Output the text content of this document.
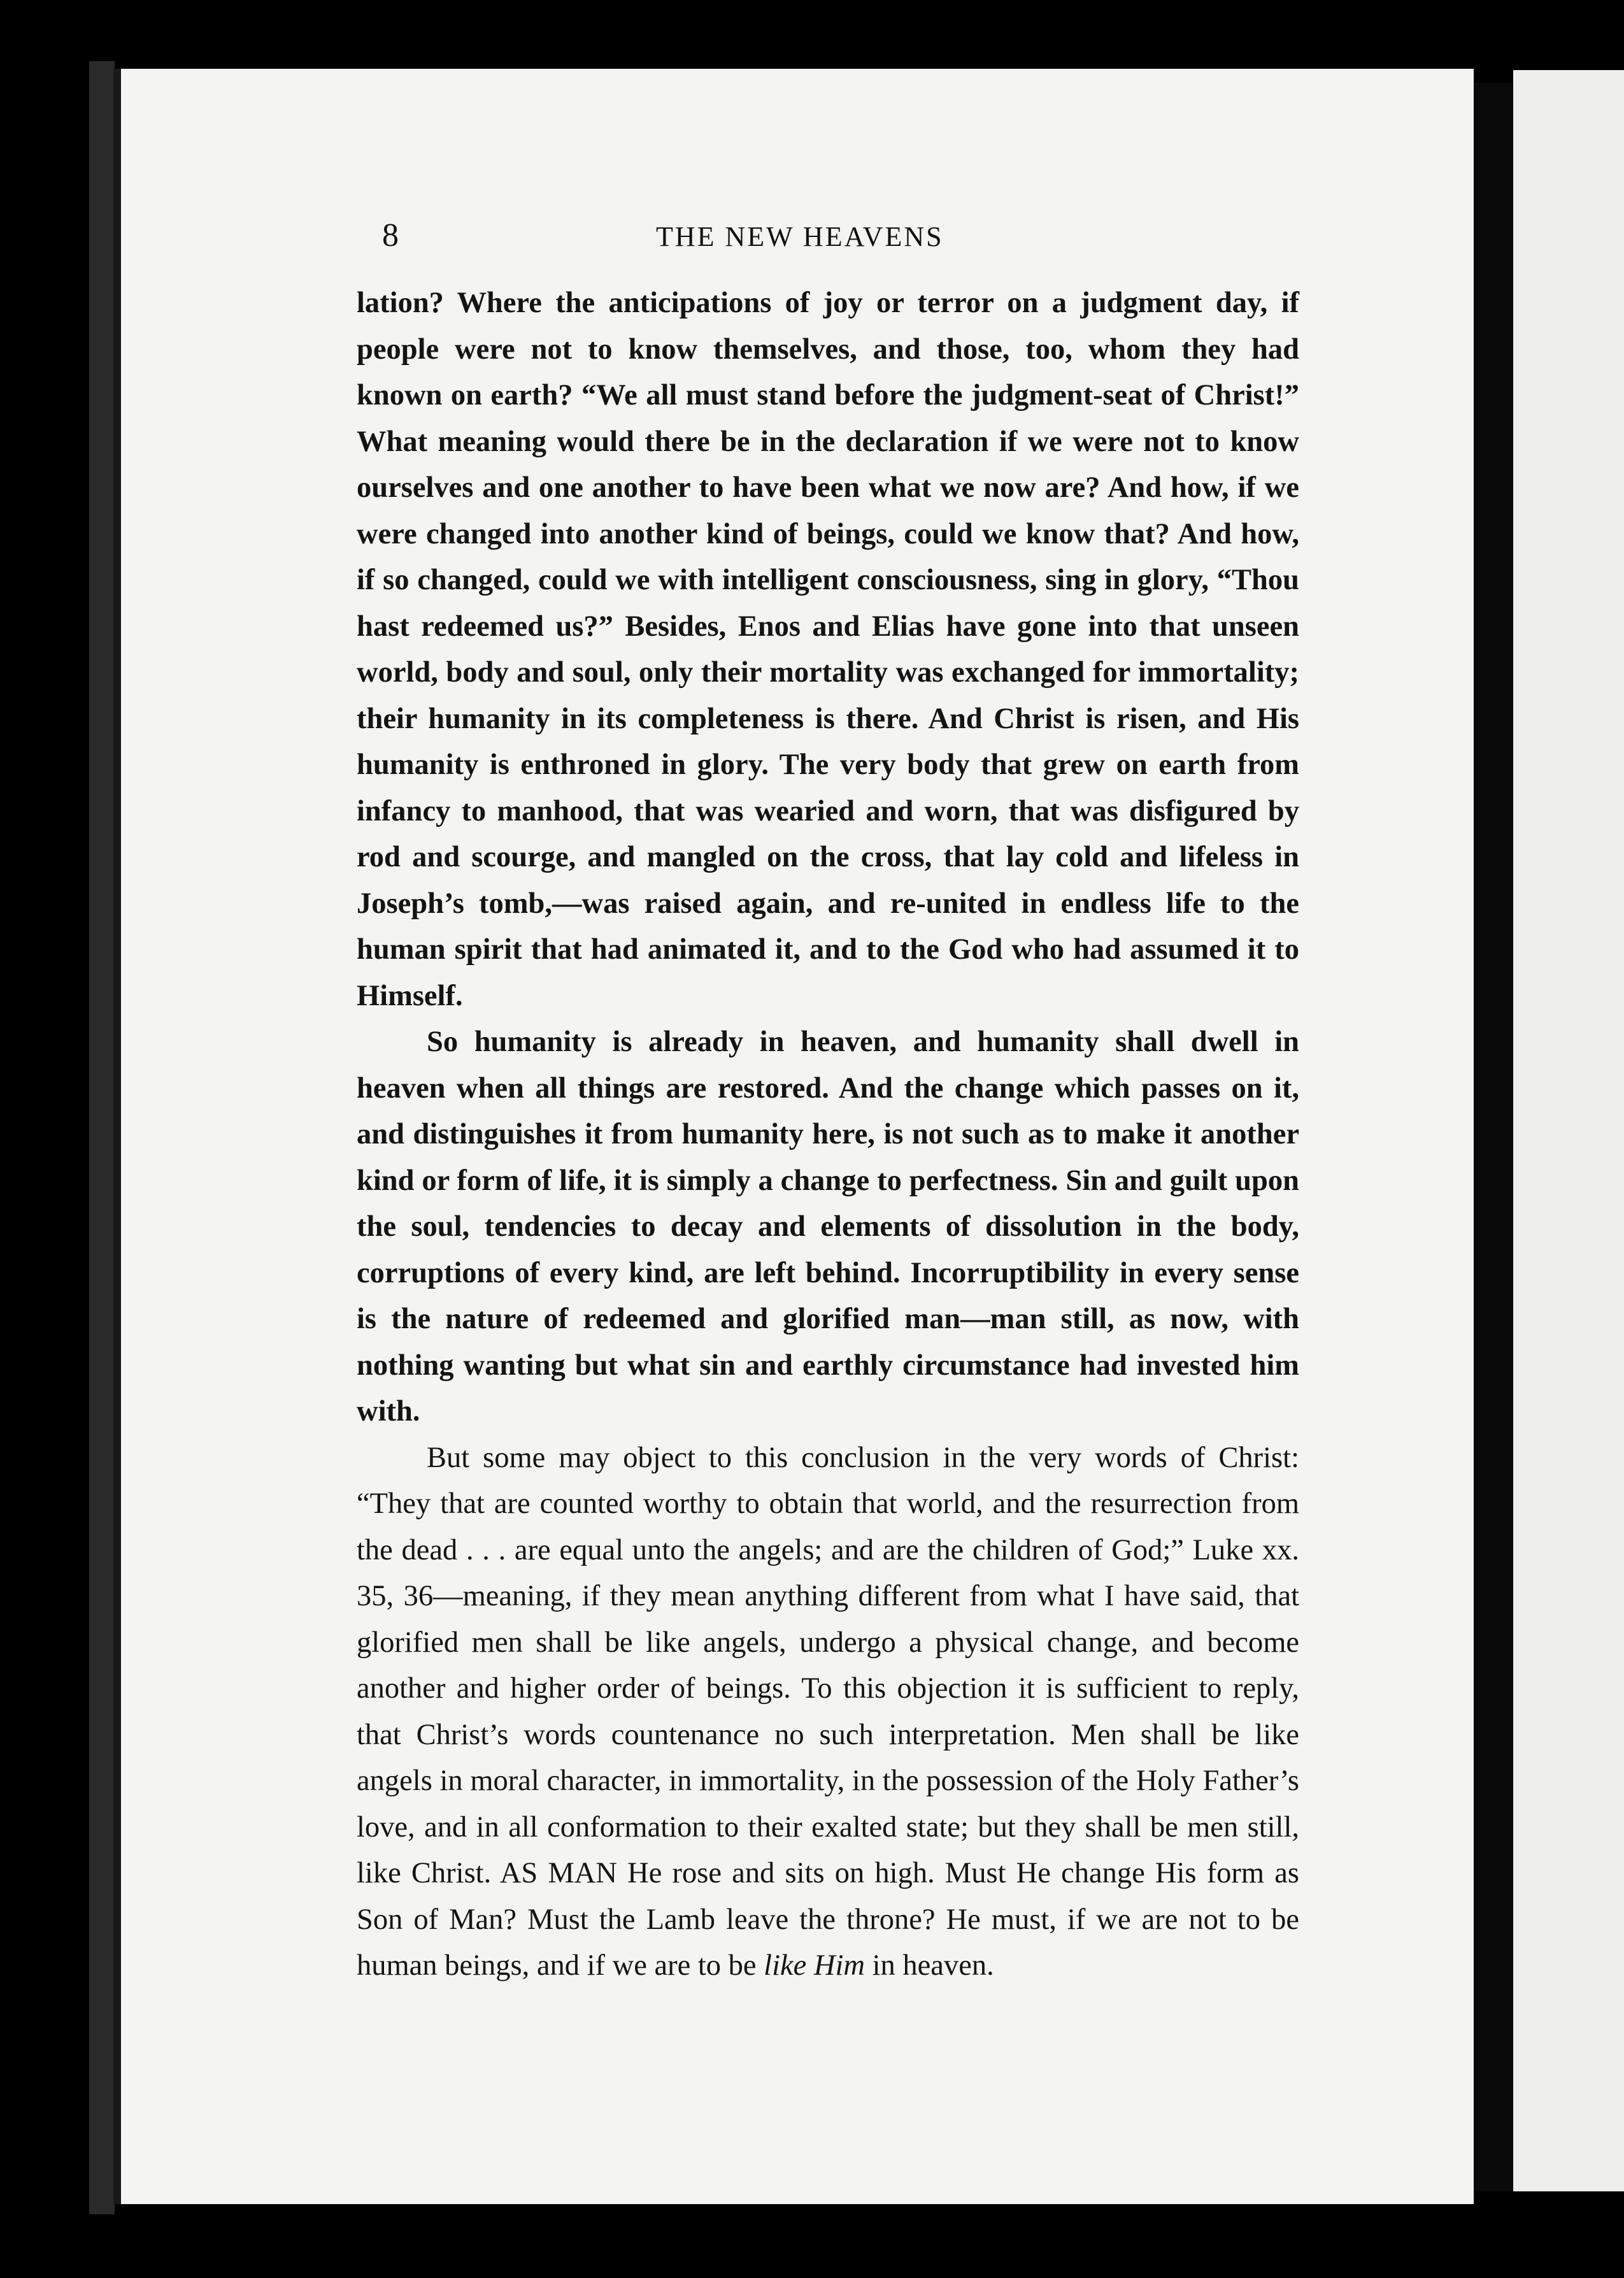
8	THE NEW HEAVENS

lation? Where the anticipations of joy or terror on a judgment day, if people were not to know themselves, and those, too, whom they had known on earth? “We all must stand before the judgment-seat of Christ!” What meaning would there be in the declaration if we were not to know ourselves and one another to have been what we now are? And how, if we were changed into another kind of beings, could we know that? And how, if so changed, could we with intelligent consciousness, sing in glory, “Thou hast redeemed us?” Besides, Enos and Elias have gone into that unseen world, body and soul, only their mortality was exchanged for immortality; their humanity in its completeness is there. And Christ is risen, and His humanity is enthroned in glory. The very body that grew on earth from infancy to manhood, that was wearied and worn, that was disfigured by rod and scourge, and mangled on the cross, that lay cold and lifeless in Joseph’s tomb,—was raised again, and re-united in endless life to the human spirit that had animated it, and to the God who had assumed it to Himself.

So humanity is already in heaven, and humanity shall dwell in heaven when all things are restored. And the change which passes on it, and distinguishes it from humanity here, is not such as to make it another kind or form of life, it is simply a change to perfectness. Sin and guilt upon the soul, tendencies to decay and elements of dissolution in the body, corruptions of every kind, are left behind. Incorruptibility in every sense is the nature of redeemed and glorified man—man still, as now, with nothing wanting but what sin and earthly circumstance had invested him with.

But some may object to this conclusion in the very words of Christ: “They that are counted worthy to obtain that world, and the resurrection from the dead . . . are equal unto the angels; and are the children of God;” Luke xx. 35, 36—meaning, if they mean anything different from what I have said, that glorified men shall be like angels, undergo a physical change, and become another and higher order of beings. To this objection it is sufficient to reply, that Christ’s words countenance no such interpretation. Men shall be like angels in moral character, in immortality, in the possession of the Holy Father’s love, and in all conformation to their exalted state; but they shall be men still, like Christ. AS MAN He rose and sits on high. Must He change His form as Son of Man? Must the Lamb leave the throne? He must, if we are not to be human beings, and if we are to be like Him in heaven.
